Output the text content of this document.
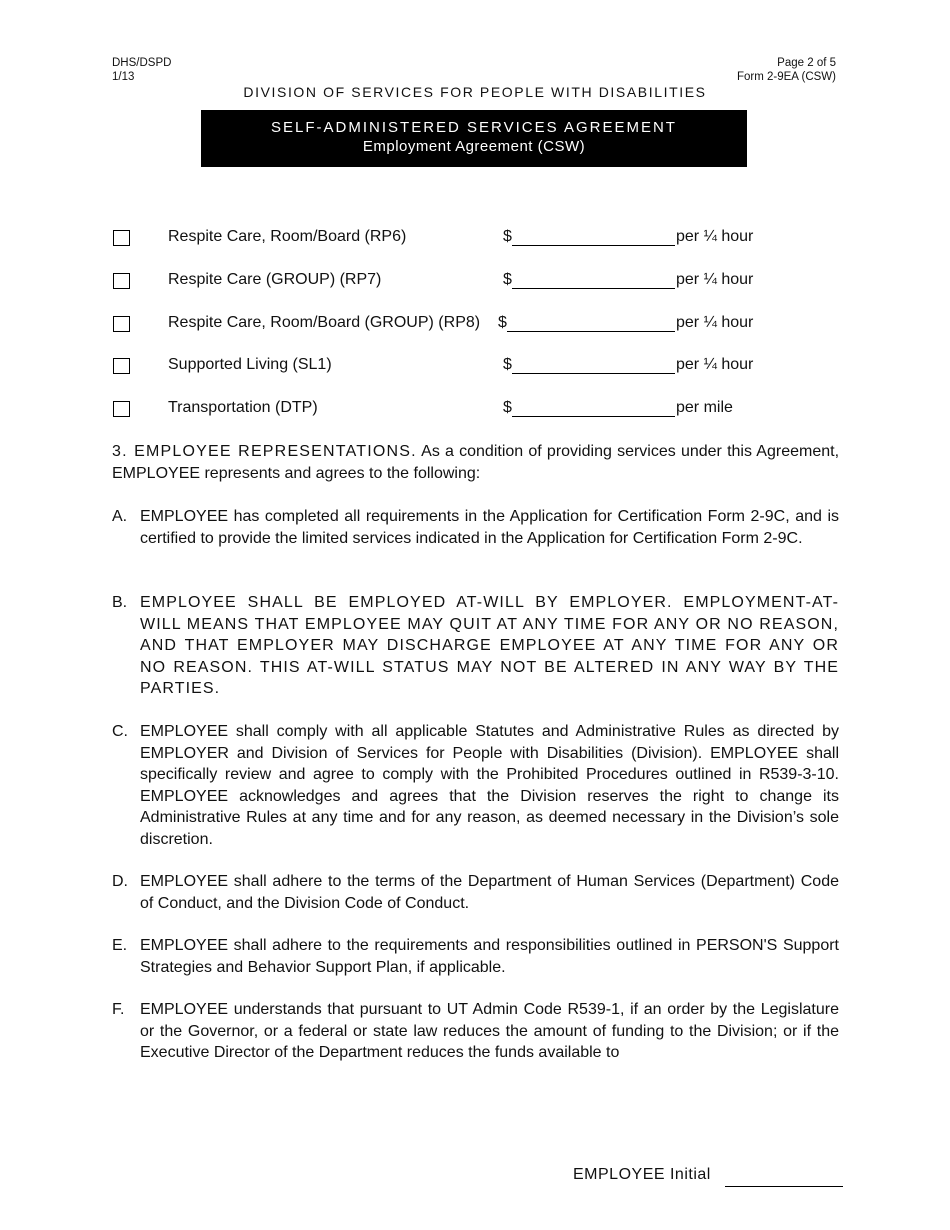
DHS/DSPD
1/13
Page 2 of 5
Form 2-9EA (CSW)
DIVISION OF SERVICES FOR PEOPLE WITH DISABILITIES
SELF-ADMINISTERED SERVICES AGREEMENT
Employment Agreement (CSW)
Respite Care, Room/Board (RP6)	$	per ¼ hour
Respite Care (GROUP) (RP7)	$	per ¼ hour
Respite Care, Room/Board (GROUP) (RP8) $	per ¼ hour
Supported Living (SL1)	$	per ¼ hour
Transportation (DTP)	$	per mile
3. EMPLOYEE REPRESENTATIONS. As a condition of providing services under this Agreement, EMPLOYEE represents and agrees to the following:
A. EMPLOYEE has completed all requirements in the Application for Certification Form 2-9C, and is certified to provide the limited services indicated in the Application for Certification Form 2-9C.
B. EMPLOYEE SHALL BE EMPLOYED AT-WILL BY EMPLOYER. EMPLOYMENT-AT-WILL MEANS THAT EMPLOYEE MAY QUIT AT ANY TIME FOR ANY OR NO REASON, AND THAT EMPLOYER MAY DISCHARGE EMPLOYEE AT ANY TIME FOR ANY OR NO REASON. THIS AT-WILL STATUS MAY NOT BE ALTERED IN ANY WAY BY THE PARTIES.
C. EMPLOYEE shall comply with all applicable Statutes and Administrative Rules as directed by EMPLOYER and Division of Services for People with Disabilities (Division). EMPLOYEE shall specifically review and agree to comply with the Prohibited Procedures outlined in R539-3-10. EMPLOYEE acknowledges and agrees that the Division reserves the right to change its Administrative Rules at any time and for any reason, as deemed necessary in the Division’s sole discretion.
D. EMPLOYEE shall adhere to the terms of the Department of Human Services (Department) Code of Conduct, and the Division Code of Conduct.
E. EMPLOYEE shall adhere to the requirements and responsibilities outlined in PERSON'S Support Strategies and Behavior Support Plan, if applicable.
F. EMPLOYEE understands that pursuant to UT Admin Code R539-1, if an order by the Legislature or the Governor, or a federal or state law reduces the amount of funding to the Division; or if the Executive Director of the Department reduces the funds available to
EMPLOYEE Initial
